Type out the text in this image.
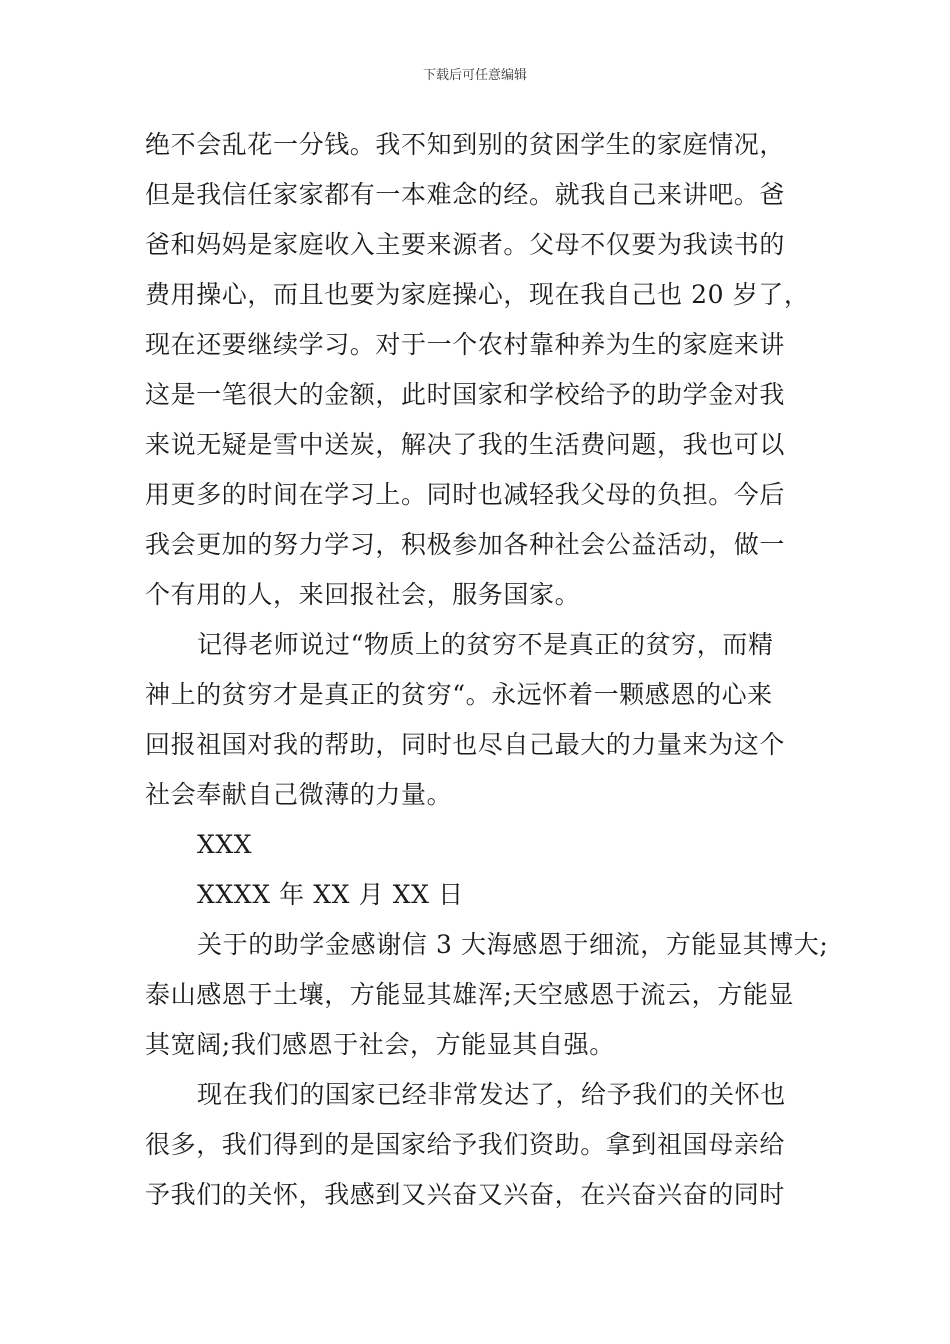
下载后可任意编辑
绝不会乱花一分钱。我不知到别的贫困学生的家庭情况，
但是我信任家家都有一本难念的经。就我自己来讲吧。爸
爸和妈妈是家庭收入主要来源者。父母不仅要为我读书的
费用操心，而且也要为家庭操心，现在我自己也 20 岁了，
现在还要继续学习。对于一个农村靠种养为生的家庭来讲
这是一笔很大的金额，此时国家和学校给予的助学金对我
来说无疑是雪中送炭，解决了我的生活费问题，我也可以
用更多的时间在学习上。同时也减轻我父母的负担。今后
我会更加的努力学习，积极参加各种社会公益活动，做一
个有用的人，来回报社会，服务国家。
记得老师说过“物质上的贫穷不是真正的贫穷，而精
神上的贫穷才是真正的贫穷“。永远怀着一颗感恩的心来
回报祖国对我的帮助，同时也尽自己最大的力量来为这个
社会奉献自己微薄的力量。
XXX
XXXX 年 XX 月 XX 日
关于的助学金感谢信 3 大海感恩于细流，方能显其博大;
泰山感恩于土壤，方能显其雄浑;天空感恩于流云，方能显
其宽阔;我们感恩于社会，方能显其自强。
现在我们的国家已经非常发达了，给予我们的关怀也
很多，我们得到的是国家给予我们资助。拿到祖国母亲给
予我们的关怀，我感到又兴奋又兴奋，在兴奋兴奋的同时
